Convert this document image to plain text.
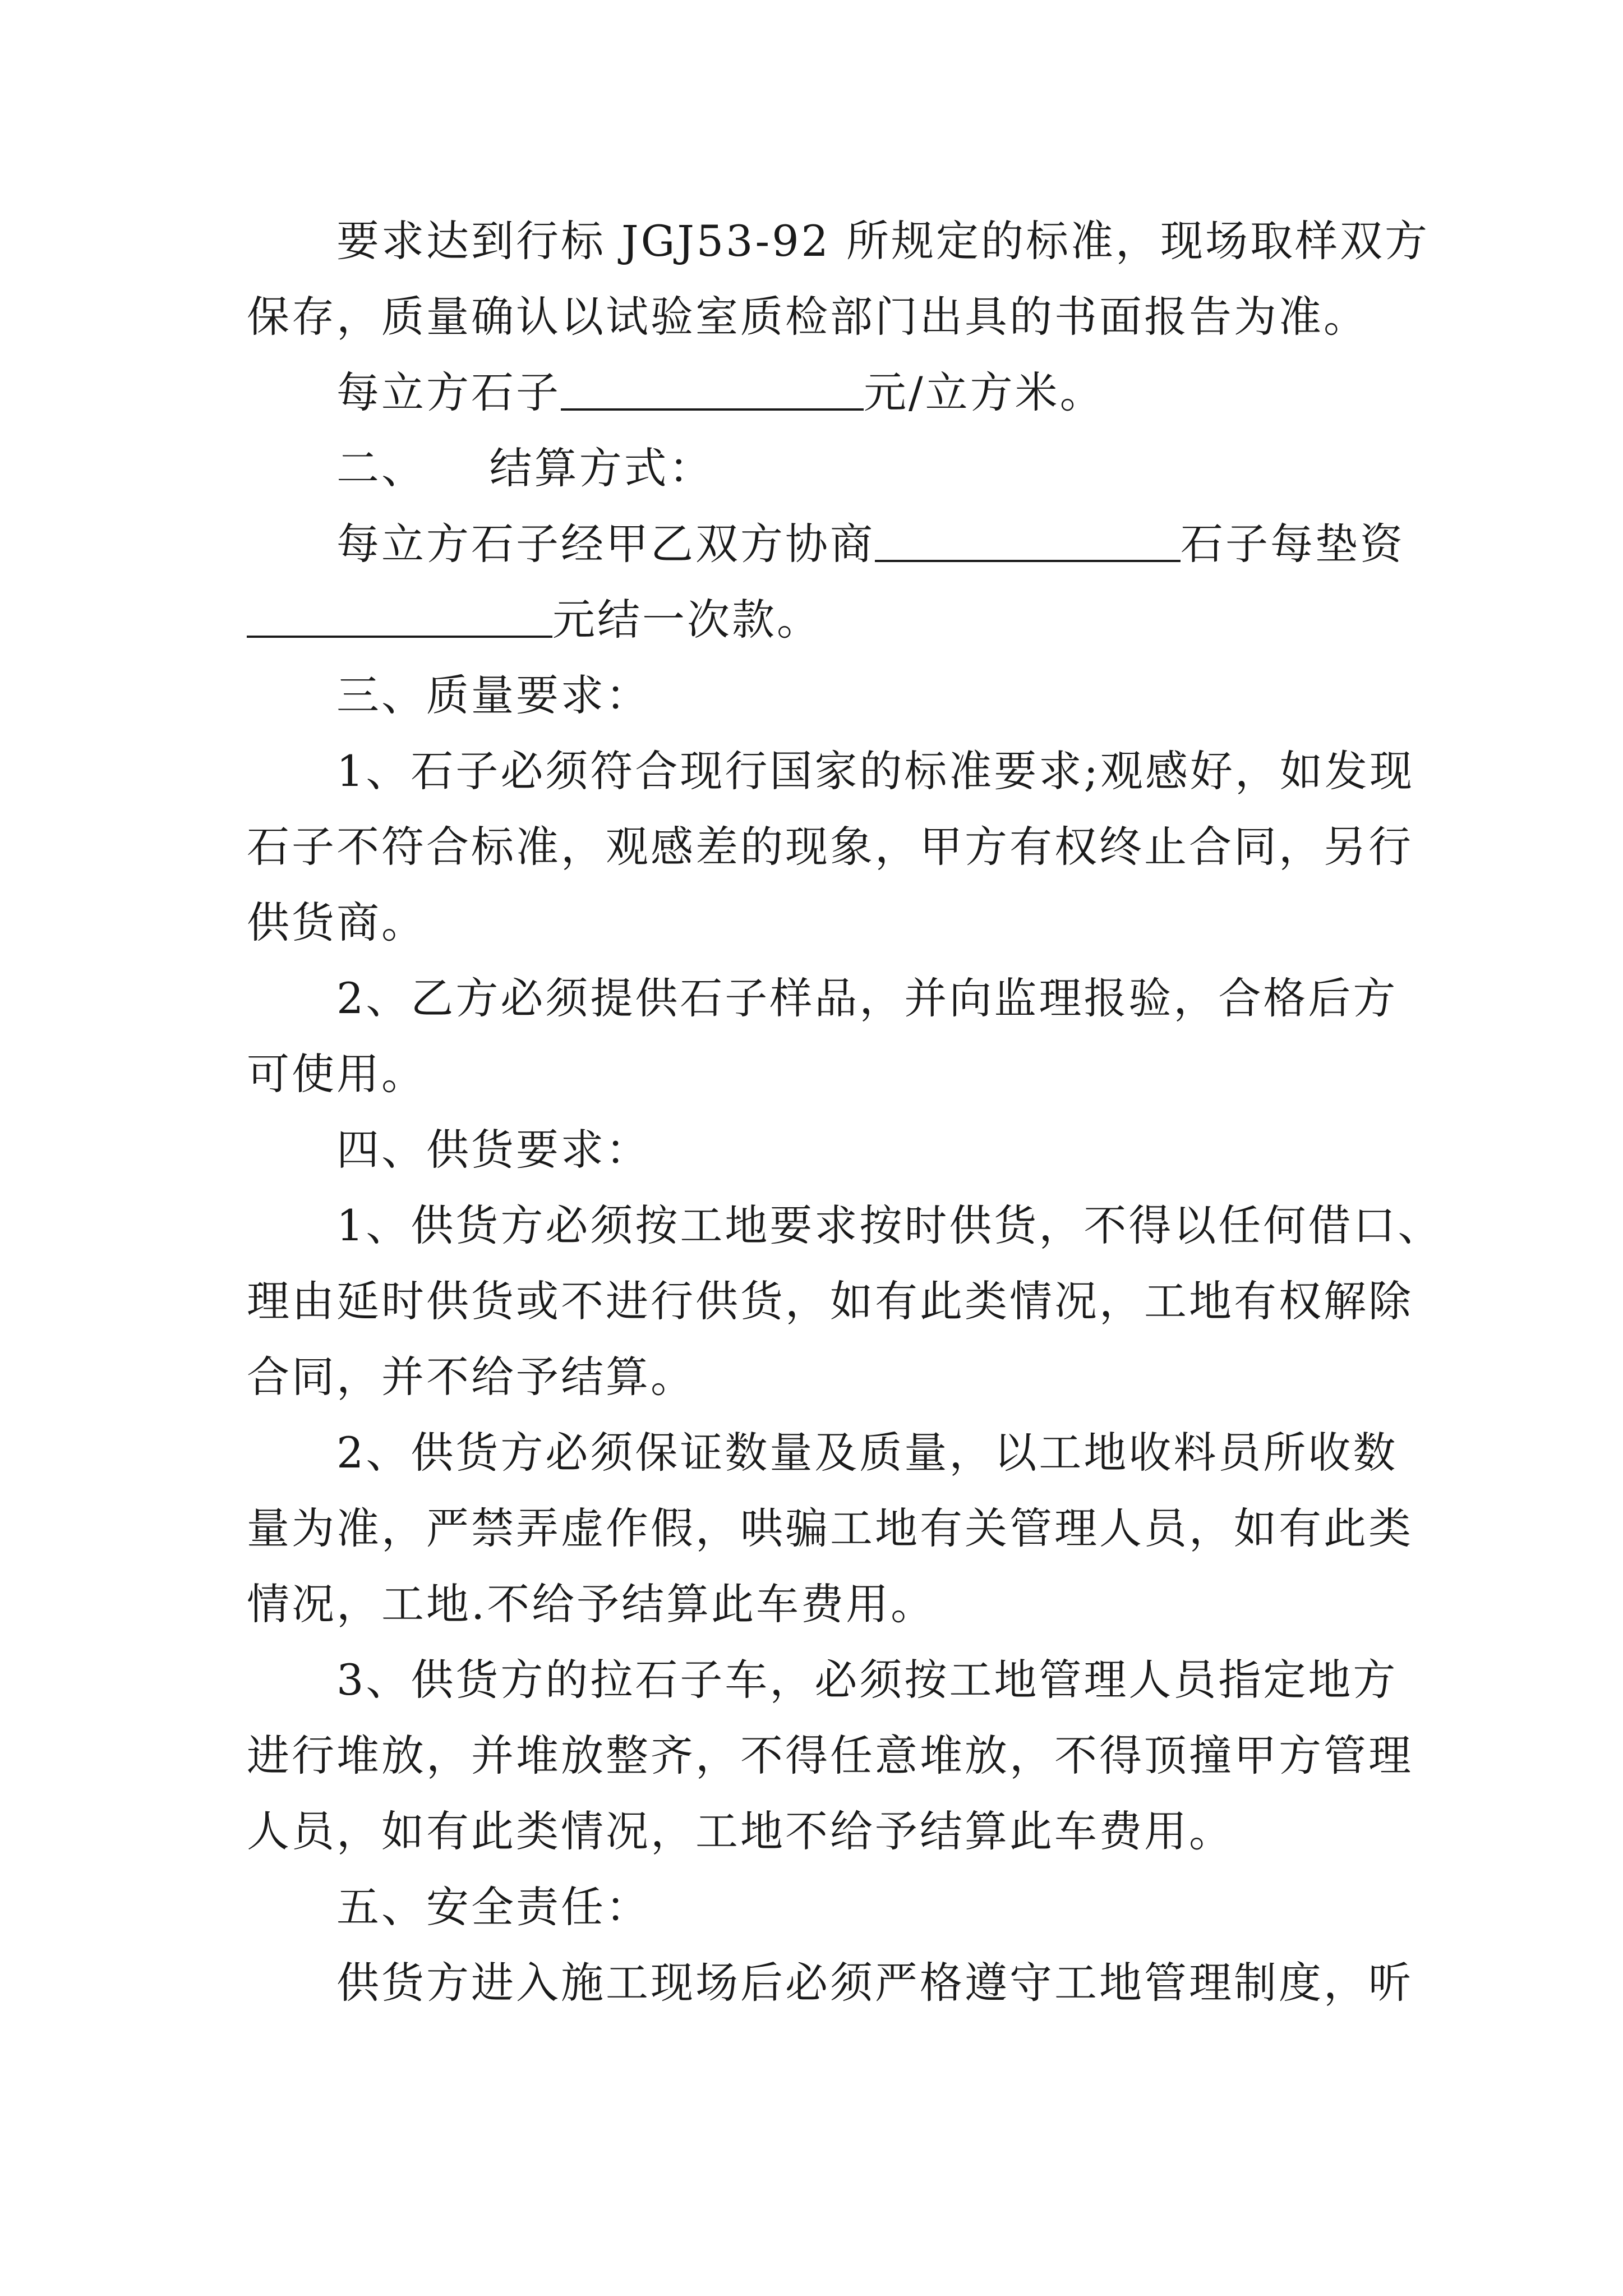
要求达到行标 JGJ53-92 所规定的标准，现场取样双方
保存，质量确认以试验室质检部门出具的书面报告为准。
每立方石子	元/立方米。
二、    结算方式：
每立方石子经甲乙双方协商	石子每垫资
元结一次款。
三、质量要求：
1、石子必须符合现行国家的标准要求;观感好，如发现
石子不符合标准，观感差的现象，甲方有权终止合同，另行
供货商。
2、乙方必须提供石子样品，并向监理报验，合格后方
可使用。
四、供货要求：
1、供货方必须按工地要求按时供货，不得以任何借口、
理由延时供货或不进行供货，如有此类情况，工地有权解除
合同，并不给予结算。
2、供货方必须保证数量及质量，以工地收料员所收数
量为准，严禁弄虚作假，哄骗工地有关管理人员，如有此类
情况，工地.不给予结算此车费用。
3、供货方的拉石子车，必须按工地管理人员指定地方
进行堆放，并堆放整齐，不得任意堆放，不得顶撞甲方管理
人员，如有此类情况，工地不给予结算此车费用。
五、安全责任：
供货方进入施工现场后必须严格遵守工地管理制度，听
